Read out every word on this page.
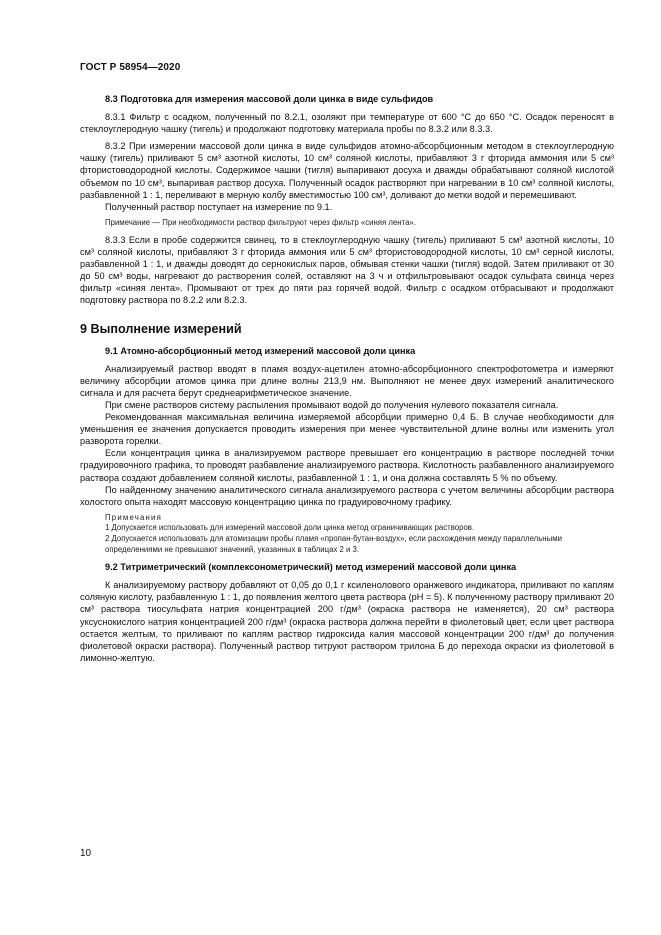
ГОСТ Р 58954—2020
8.3 Подготовка для измерения массовой доли цинка в виде сульфидов

8.3.1 Фильтр с осадком, полученный по 8.2.1, озоляют при температуре от 600 °С до 650 °С. Осадок переносят в стеклоуглеродную чашку (тигель) и продолжают подготовку материала пробы по 8.3.2 или 8.3.3.

8.3.2 При измерении массовой доли цинка в виде сульфидов атомно-абсорбционным методом в стеклоуглеродную чашку (тигель) приливают 5 см³ азотной кислоты, 10 см³ соляной кислоты, прибавляют 3 г фторида аммония или 5 см³ фтористоводородной кислоты. Содержимое чашки (тигля) выпаривают досуха и дважды обрабатывают соляной кислотой объемом по 10 см³, выпаривая раствор досуха. Полученный осадок растворяют при нагревании в 10 см³ соляной кислоты, разбавленной 1 : 1, переливают в мерную колбу вместимостью 100 см³, доливают до метки водой и перемешивают.

Полученный раствор поступает на измерение по 9.1.

Примечание — При необходимости раствор фильтруют через фильтр «синяя лента».

8.3.3 Если в пробе содержится свинец, то в стеклоуглеродную чашку (тигель) приливают 5 см³ азотной кислоты, 10 см³ соляной кислоты, прибавляют 3 г фторида аммония или 5 см³ фтористоводородной кислоты, 10 см³ серной кислоты, разбавленной 1 : 1, и дважды доводят до сернокислых паров, обмывая стенки чашки (тигля) водой. Затем приливают от 30 до 50 см³ воды, нагревают до растворения солей, оставляют на 3 ч и отфильтровывают осадок сульфата свинца через фильтр «синяя лента». Промывают от трех до пяти раз горячей водой. Фильтр с осадком отбрасывают и продолжают подготовку раствора по 8.2.2 или 8.2.3.

9 Выполнение измерений
9.1 Атомно-абсорбционный метод измерений массовой доли цинка

Анализируемый раствор вводят в пламя воздух-ацетилен атомно-абсорбционного спектрофотометра и измеряют величину абсорбции атомов цинка при длине волны 213,9 нм. Выполняют не менее двух измерений аналитического сигнала и для расчета берут среднеарифметическое значение.

При смене растворов систему распыления промывают водой до получения нулевого показателя сигнала.

Рекомендованная максимальная величина измеряемой абсорбции примерно 0,4 Б. В случае необходимости для уменьшения ее значения допускается проводить измерения при менее чувствительной длине волны или изменить угол разворота горелки.

Если концентрация цинка в анализируемом растворе превышает его концентрацию в растворе последней точки градуировочного графика, то проводят разбавление анализируемого раствора. Кислотность разбавленного анализируемого раствора создают добавлением соляной кислоты, разбавленной 1 : 1, и она должна составлять 5 % по объему.

По найденному значению аналитического сигнала анализируемого раствора с учетом величины абсорбции раствора холостого опыта находят массовую концентрацию цинка по градуировочному графику.

Примечания
1 Допускается использовать для измерений массовой доли цинка метод ограничивающих растворов.
2 Допускается использовать для атомизации пробы пламя «пропан-бутан-воздух», если расхождения между параллельными определениями не превышают значений, указанных в таблицах 2 и 3.
9.2 Титриметрический (комплексонометрический) метод измерений массовой доли цинка

К анализируемому раствору добавляют от 0,05 до 0,1 г ксиленолового оранжевого индикатора, приливают по каплям соляную кислоту, разбавленную 1 : 1, до появления желтого цвета раствора (рН = 5). К полученному раствору приливают 20 см³ раствора тиосульфата натрия концентрацией 200 г/дм³ (окраска раствора не изменяется), 20 см³ раствора уксуснокислого натрия концентрацией 200 г/дм³ (окраска раствора должна перейти в фиолетовый цвет, если цвет раствора остается желтым, то приливают по каплям раствор гидроксида калия массовой концентрации 200 г/дм³ до получения фиолетовой окраски раствора). Полученный раствор титруют раствором трилона Б до перехода окраски из фиолетовой в лимонно-желтую.

10
